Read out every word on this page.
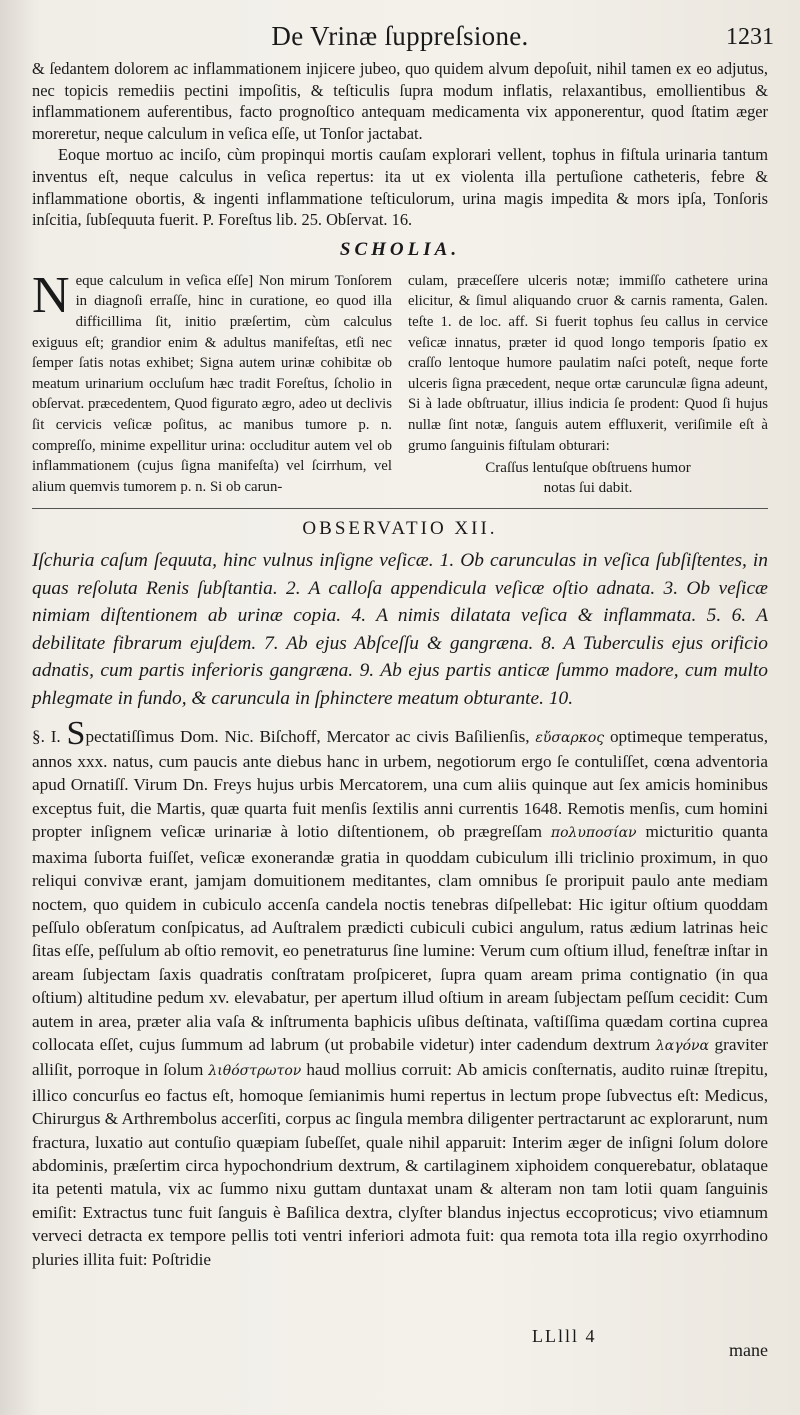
De Vrinæ ſuppreſsione.	1231

& ſedantem dolorem ac inflammationem injicere jubeo, quo quidem alvum depoſuit, nihil tamen ex eo adjutus, nec topicis remediis pectini impoſitis, & teſticulis ſupra modum inflatis, relaxantibus, emollientibus & inflammationem auferentibus, facto prognoſtico antequam medicamenta vix apponerentur, quod ſtatim æger moreretur, neque calculum in veſica eſſe, ut Tonſor jactabat.

Eoque mortuo ac inciſo, cùm propinqui mortis cauſam explorari vellent, tophus in fiſtula urinaria tantum inventus eſt, neque calculus in veſica repertus: ita ut ex violenta illa pertuſione catheteris, febre & inflammatione obortis, & ingenti inflammatione teſticulorum, urina magis impedita & mors ipſa, Tonſoris inſcitia, ſubſequuta fuerit. P. Foreſtus lib. 25. Obſervat. 16.

SCHOLIA.
Neque calculum in veſica eſſe] Non mirum Tonſorem in diagnoſi erraſſe, hinc in curatione, eo quod illa difficillima ſit, initio præſertim, cùm calculus exiguus eſt; grandior enim & adultus manifeſtas, etſi nec ſemper ſatis notas exhibet; Signa autem urinæ cohibitæ ob meatum urinarium occluſum hæc tradit Foreſtus, ſcholio in obſervat. præcedentem, Quod figurato ægro, adeo ut declivis ſit cervicis veſicæ poſitus, ac manibus tumore p. n. compreſſo, minime expellitur urina: occluditur autem vel ob inflammationem (cujus ſigna manifeſta) vel ſcirrhum, vel alium quemvis tumorem p. n. Si ob carun-
culam, præceſſere ulceris notæ; immiſſo cathetere urina elicitur, & ſimul aliquando cruor & carnis ramenta, Galen. teſte 1. de loc. aff. Si fuerit tophus ſeu callus in cervice veſicæ innatus, præter id quod longo temporis ſpatio ex craſſo lentoque humore paulatim naſci poteſt, neque forte ulceris ſigna præcedent, neque ortæ carunculæ ſigna adeunt, Si à lade obſtruatur, illius indicia ſe prodent: Quod ſi hujus nullæ ſint notæ, ſanguis autem effluxerit, veriſimile eſt à grumo ſanguinis fiſtulam obturari:
Craſſus lentuſque obſtruens humor
notas ſui dabit.
OBSERVATIO XII.

Iſchuria caſum ſequuta, hinc vulnus inſigne veſicæ. 1. Ob carunculas in veſica ſubſiſtentes, in quas reſoluta Renis ſubſtantia. 2. A calloſa appendicula veſicæ oſtio adnata. 3. Ob veſicæ nimiam diſtentionem ab urinæ copia. 4. A nimis dilatata veſica & inflammata. 5. 6. A debilitate fibrarum ejuſdem. 7. Ab ejus Abſceſſu & gangræna. 8. A Tuberculis ejus orificio adnatis, cum partis inferioris gangræna. 9. Ab ejus partis anticæ ſummo madore, cum multo phlegmate in fundo, & caruncula in ſphinctere meatum obturante. 10.

§. I. Spectatiſſimus Dom. Nic. Biſchoff, Mercator ac civis Baſilienſis, εὔσαρκος optimeque temperatus, annos xxx. natus, cum paucis ante diebus hanc in urbem, negotiorum ergo ſe contuliſſet, cœna adventoria apud Ornatiſſ. Virum Dn. Freys hujus urbis Mercatorem, una cum aliis quinque aut ſex amicis hominibus exceptus fuit, die Martis, quæ quarta fuit menſis ſextilis anni currentis 1648. Remotis menſis, cum homini propter inſignem veſicæ urinariæ à lotio diſtentionem, ob prægreſſam πολυποσίαν micturitio quanta maxima ſuborta fuiſſet, veſicæ exonerandæ gratia in quoddam cubiculum illi triclinio proximum, in quo reliqui convivæ erant, jamjam domuitionem meditantes, clam omnibus ſe proripuit paulo ante mediam noctem, quo quidem in cubiculo accenſa candela noctis tenebras diſpellebat: Hic igitur oſtium quoddam peſſulo obſeratum conſpicatus, ad Auſtralem prædicti cubiculi cubici angulum, ratus ædium latrinas heic ſitas eſſe, peſſulum ab oſtio removit, eo penetraturus ſine lumine: Verum cum oſtium illud, feneſtræ inſtar in aream ſubjectam ſaxis quadratis conſtratam proſpiceret, ſupra quam aream prima contignatio (in qua oſtium) altitudine pedum xv. elevabatur, per apertum illud oſtium in aream ſubjectam peſſum cecidit: Cum autem in area, præter alia vaſa & inſtrumenta baphicis uſibus deſtinata, vaſtiſſima quædam cortina cuprea collocata eſſet, cujus ſummum ad labrum (ut probabile videtur) inter cadendum dextrum λαγόνα graviter alliſit, porroque in ſolum λιθόστρωτον haud mollius corruit: Ab amicis conſternatis, audito ruinæ ſtrepitu, illico concurſus eo factus eſt, homoque ſemianimis humi repertus in lectum prope ſubvectus eſt: Medicus, Chirurgus & Arthrembolus accerſiti, corpus ac ſingula membra diligenter pertractarunt ac explorarunt, num fractura, luxatio aut contuſio quæpiam ſubeſſet, quale nihil apparuit: Interim æger de inſigni ſolum dolore abdominis, præſertim circa hypochondrium dextrum, & cartilaginem xiphoidem conquerebatur, oblataque ita petenti matula, vix ac ſummo nixu guttam duntaxat unam & alteram non tam lotii quam ſanguinis emiſit: Extractus tunc fuit ſanguis è Baſilica dextra, clyſter blandus injectus eccoproticus; vivo etiamnum verveci detracta ex tempore pellis toti ventri inferiori admota fuit: qua remota tota illa regio oxyrrhodino pluries illita fuit: Poſtridie

LLlll 4
mane
